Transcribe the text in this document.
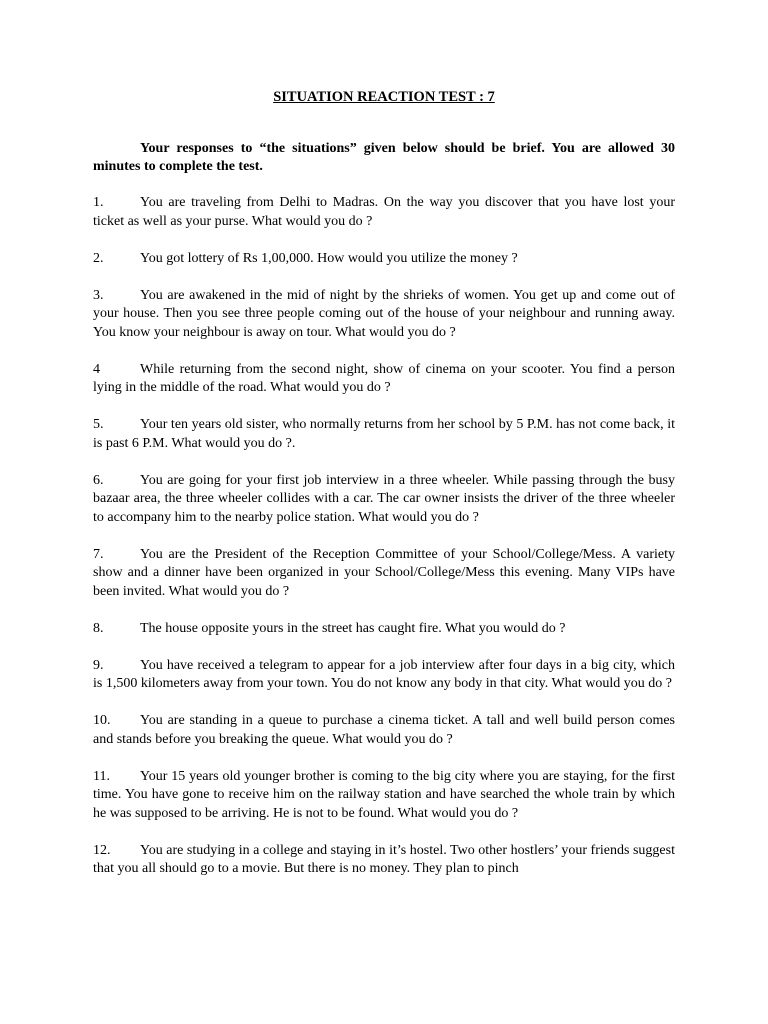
SITUATION REACTION TEST : 7
Your responses to “the situations” given below should be brief. You are allowed 30 minutes to complete the test.
1.	You are traveling from Delhi to Madras. On the way you discover that you have lost your ticket as well as your purse. What would you do ?
2.	You got lottery of Rs 1,00,000. How would you utilize the money ?
3.	You are awakened in the mid of night by the shrieks of women. You get up and come out of your house. Then you see three people coming out of the house of your neighbour and running away. You know your neighbour is away on tour. What would you do ?
4	While returning from the second night, show of cinema on your scooter. You find a person lying in the middle of the road. What would you do ?
5.	Your ten years old sister, who normally returns from her school by 5 P.M. has not come back, it is past 6 P.M. What would you do ?.
6.	You are going for your first job interview in a three wheeler. While passing through the busy bazaar area, the three wheeler collides with a car. The car owner insists the driver of the three wheeler to accompany him to the nearby police station. What would you do ?
7.	You are the President of the Reception Committee of your School/College/Mess. A variety show and a dinner have been organized in your School/College/Mess this evening. Many VIPs have been invited. What would you do ?
8.	The house opposite yours in the street has caught fire. What you would do ?
9.	You have received a telegram to appear for a job interview after four days in a big city, which is 1,500 kilometers away from your town. You do not know any body in that city. What would you do ?
10. You are standing in a queue to purchase a cinema ticket. A tall and well build person comes and stands before you breaking the queue. What would you do ?
11. Your 15 years old younger brother is coming to the big city where you are staying, for the first time. You have gone to receive him on the railway station and have searched the whole train by which he was supposed to be arriving. He is not to be found. What would you do ?
12. You are studying in a college and staying in it’s hostel. Two other hostlers’ your friends suggest that you all should go to a movie. But there is no money. They plan to pinch
